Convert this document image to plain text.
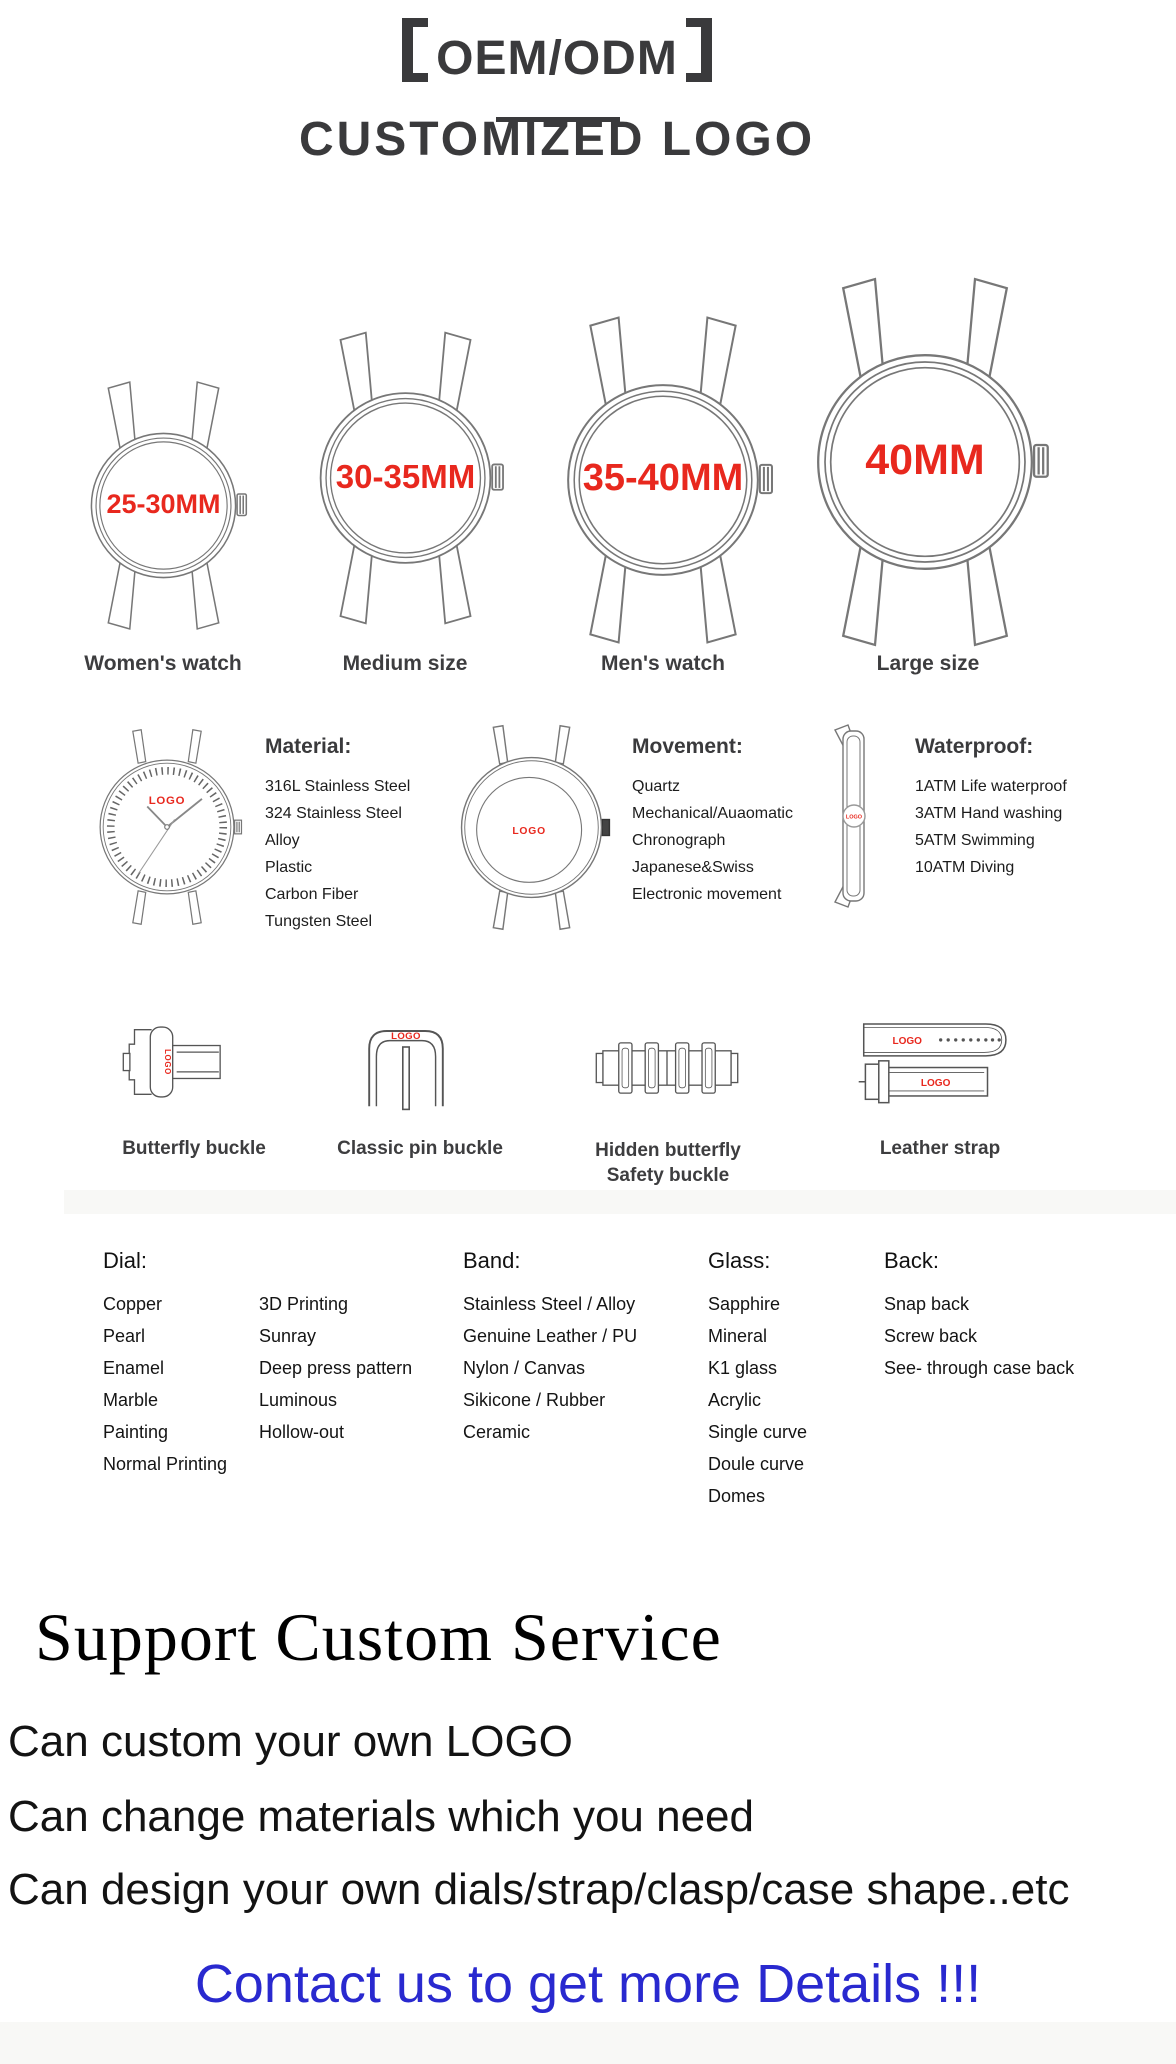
OEM/ODM
CUSTOMIZED LOGO
25-30MM
Women's watch
30-35MM
Medium size
35-40MM
Men's watch
40MM
Large size
LOGO
Material:
316L Stainless Steel
324 Stainless Steel
Alloy
Plastic
Carbon Fiber
Tungsten Steel
LOGO
Movement:
Quartz
Mechanical/Auaomatic
Chronograph
Japanese&Swiss
Electronic movement
LOGO
Waterproof:
1ATM Life waterproof
3ATM Hand washing
5ATM Swimming
10ATM Diving
LOGO
Butterfly buckle
LOGO
Classic pin buckle	Hidden butterfly
Safety buckle
LOGO
LOGO
Leather strap
Dial:
Copper
Pearl
Enamel
Marble
Painting
Normal Printing
3D Printing
Sunray
Deep press pattern
Luminous
Hollow-out
Band:
Stainless Steel / Alloy
Genuine Leather / PU
Nylon / Canvas
Sikicone / Rubber
Ceramic
Glass:
Sapphire
Mineral
K1 glass
Acrylic
Single curve
Doule curve
Domes
Back:
Snap back
Screw back
See- through case back
Support Custom Service
Can custom your own LOGO
Can change materials which you need
Can design your own dials/strap/clasp/case shape..etc
Contact us to get more Details !!!
